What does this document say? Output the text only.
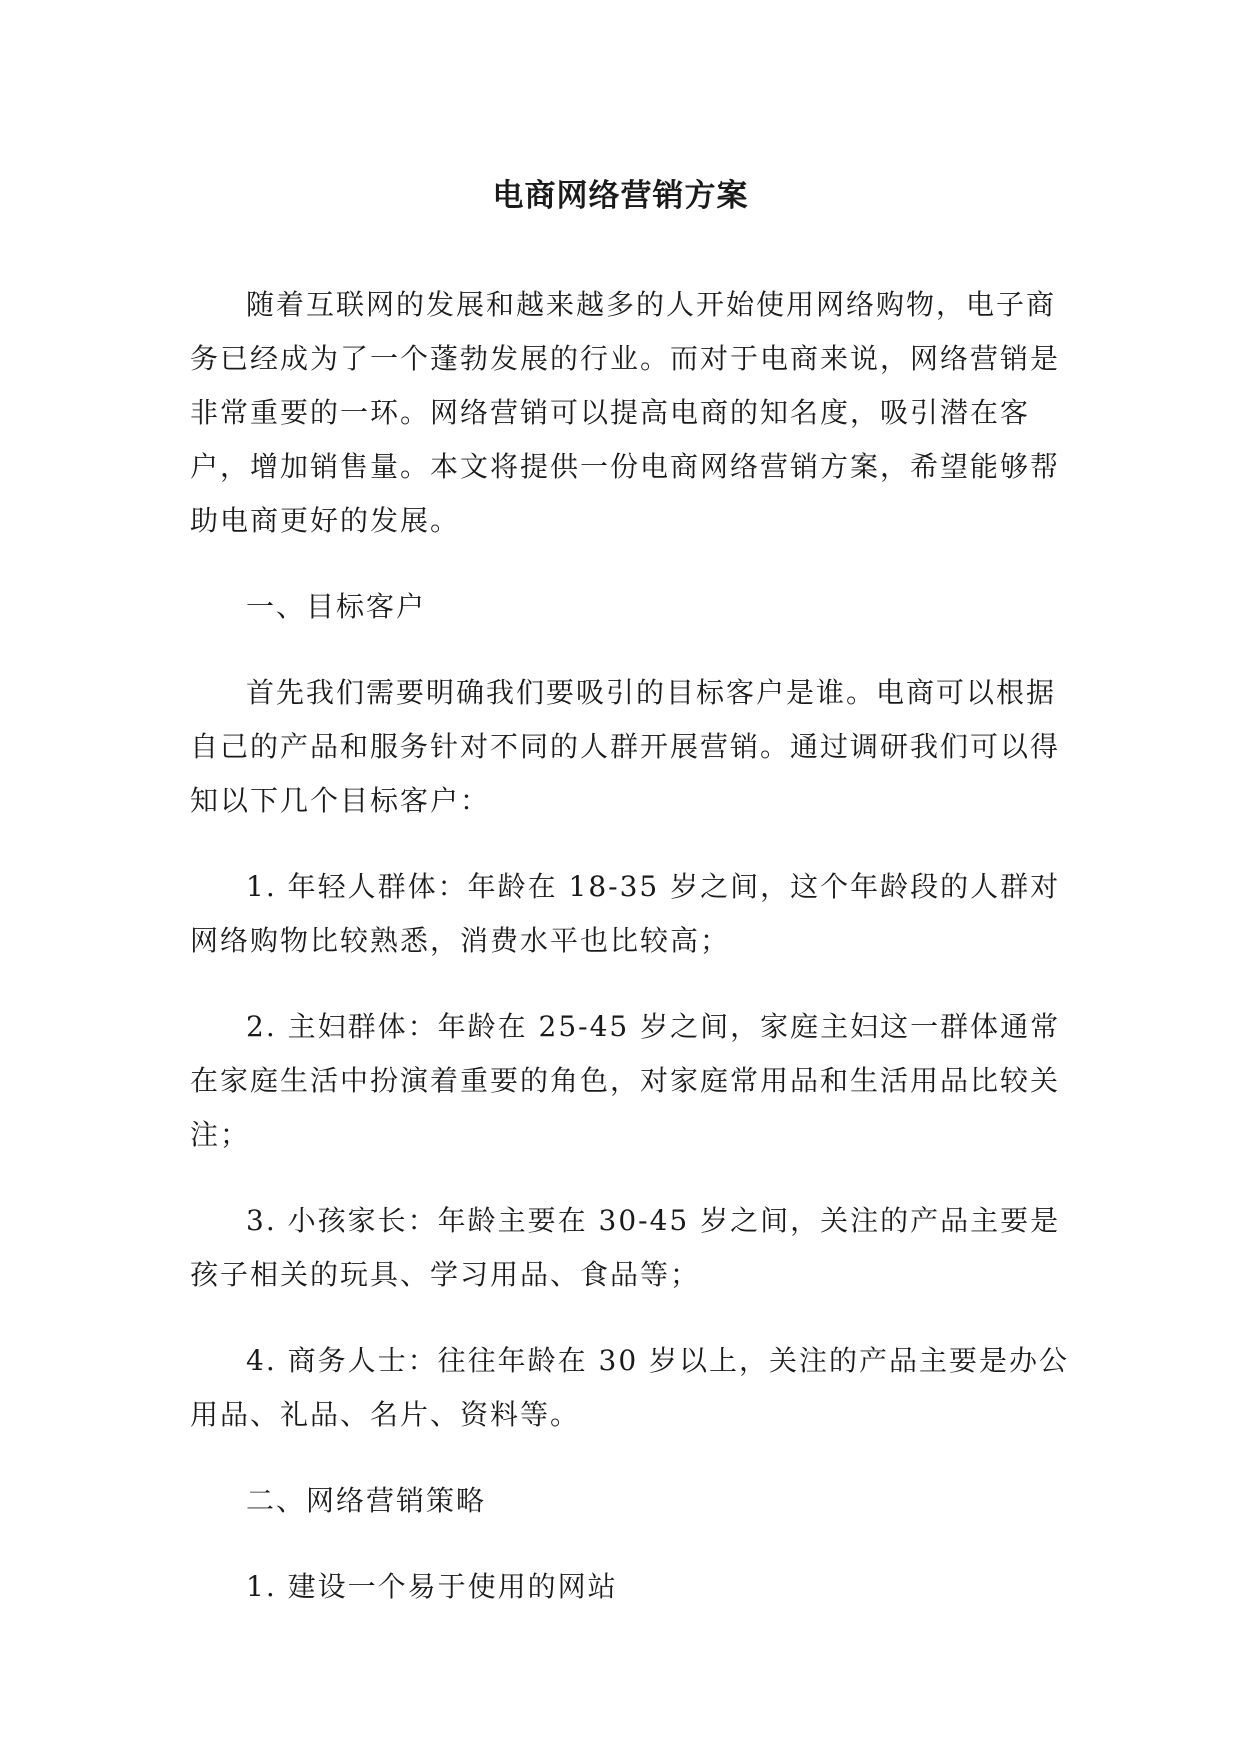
电商网络营销方案

随着互联网的发展和越来越多的人开始使用网络购物，电子商务已经成为了一个蓬勃发展的行业。而对于电商来说，网络营销是非常重要的一环。网络营销可以提高电商的知名度，吸引潜在客户，增加销售量。本文将提供一份电商网络营销方案，希望能够帮助电商更好的发展。

一、目标客户

首先我们需要明确我们要吸引的目标客户是谁。电商可以根据自己的产品和服务针对不同的人群开展营销。通过调研我们可以得知以下几个目标客户：

1. 年轻人群体：年龄在 18-35 岁之间，这个年龄段的人群对网络购物比较熟悉，消费水平也比较高；

2. 主妇群体：年龄在 25-45 岁之间，家庭主妇这一群体通常在家庭生活中扮演着重要的角色，对家庭常用品和生活用品比较关注；

3. 小孩家长：年龄主要在 30-45 岁之间，关注的产品主要是孩子相关的玩具、学习用品、食品等；

4. 商务人士：往往年龄在 30 岁以上，关注的产品主要是办公用品、礼品、名片、资料等。

二、网络营销策略

1. 建设一个易于使用的网站
